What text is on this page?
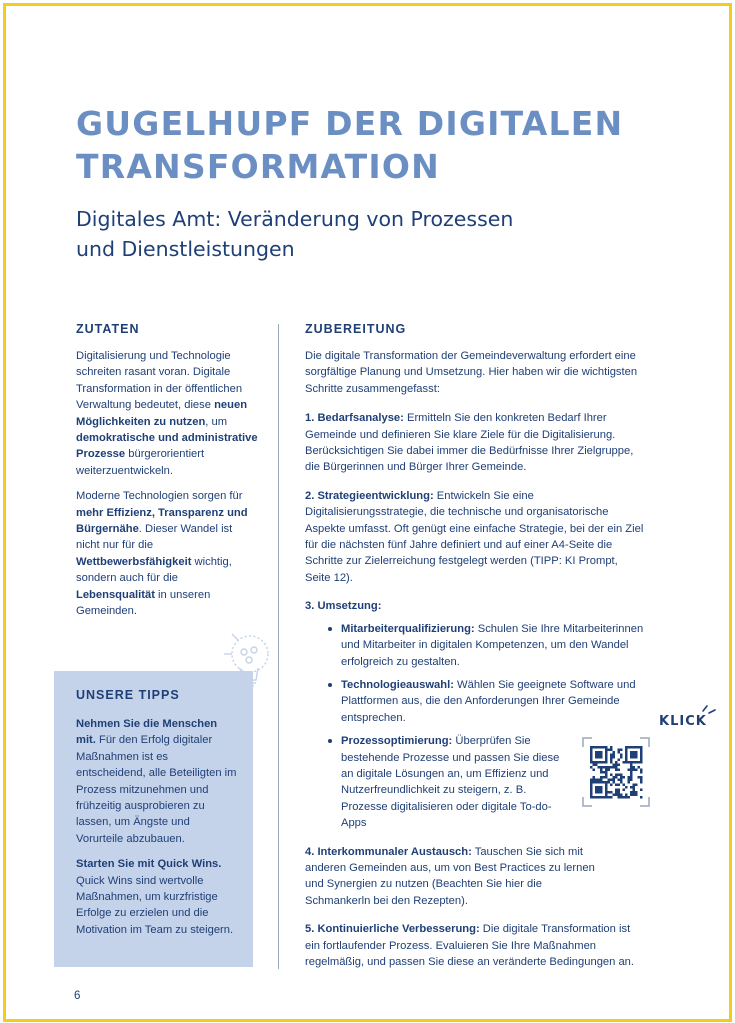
GUGELHUPF DER DIGITALEN
TRANSFORMATION
Digitales Amt: Veränderung von Prozessen
und Dienstleistungen
ZUTATEN

Digitalisierung und Technologie schreiten rasant voran. Digitale Transformation in der öffentlichen Verwaltung bedeutet, diese neuen Möglichkeiten zu nutzen, um demokratische und administrative Prozesse bürgerorientiert weiterzuentwickeln.

Moderne Technologien sorgen für mehr Effizienz, Transparenz und Bürgernähe. Dieser Wandel ist nicht nur für die Wettbewerbsfähigkeit wichtig, sondern auch für die Lebensqualität in unseren Gemeinden.

UNSERE TIPPS

Nehmen Sie die Menschen mit. Für den Erfolg digitaler Maßnahmen ist es entscheidend, alle Beteiligten im Prozess mitzunehmen und frühzeitig ausprobieren zu lassen, um Ängste und Vorurteile abzubauen.

Starten Sie mit Quick Wins.
Quick Wins sind wertvolle Maßnahmen, um kurzfristige Erfolge zu erzielen und die Motivation im Team zu steigern.

ZUBEREITUNG

Die digitale Transformation der Gemeindeverwaltung erfordert eine sorgfältige Planung und Umsetzung. Hier haben wir die wichtigsten Schritte zusammengefasst:

1. Bedarfsanalyse: Ermitteln Sie den konkreten Bedarf Ihrer Gemeinde und definieren Sie klare Ziele für die Digitalisierung. Berücksichtigen Sie dabei immer die Bedürfnisse Ihrer Zielgruppe, die Bürgerinnen und Bürger Ihrer Gemeinde.
2. Strategieentwicklung: Entwickeln Sie eine Digitalisierungsstrategie, die technische und organisatorische Aspekte umfasst. Oft genügt eine einfache Strategie, bei der ein Ziel für die nächsten fünf Jahre definiert und auf einer A4-Seite die Schritte zur Zielerreichung festgelegt werden (TIPP: KI Prompt, Seite 12).
3. Umsetzung:
Mitarbeiterqualifizierung: Schulen Sie Ihre Mitarbeiterinnen und Mitarbeiter in digitalen Kompetenzen, um den Wandel erfolgreich zu gestalten.
Technologieauswahl: Wählen Sie geeignete Software und Plattformen aus, die den Anforderungen Ihrer Gemeinde entsprechen.
Prozessoptimierung: Überprüfen Sie bestehende Prozesse und passen Sie diese an digitale Lösungen an, um Effizienz und Nutzerfreundlichkeit zu steigern, z. B. Prozesse digitalisieren oder digitale To-do-Apps
4. Interkommunaler Austausch: Tauschen Sie sich mit anderen Gemeinden aus, um von Best Practices zu lernen und Synergien zu nutzen (Beachten Sie hier die Schmankerln bei den Rezepten).
5. Kontinuierliche Verbesserung: Die digitale Transformation ist ein fortlaufender Prozess. Evaluieren Sie Ihre Maßnahmen regelmäßig, und passen Sie diese an veränderte Bedingungen an.
KLICK
6
